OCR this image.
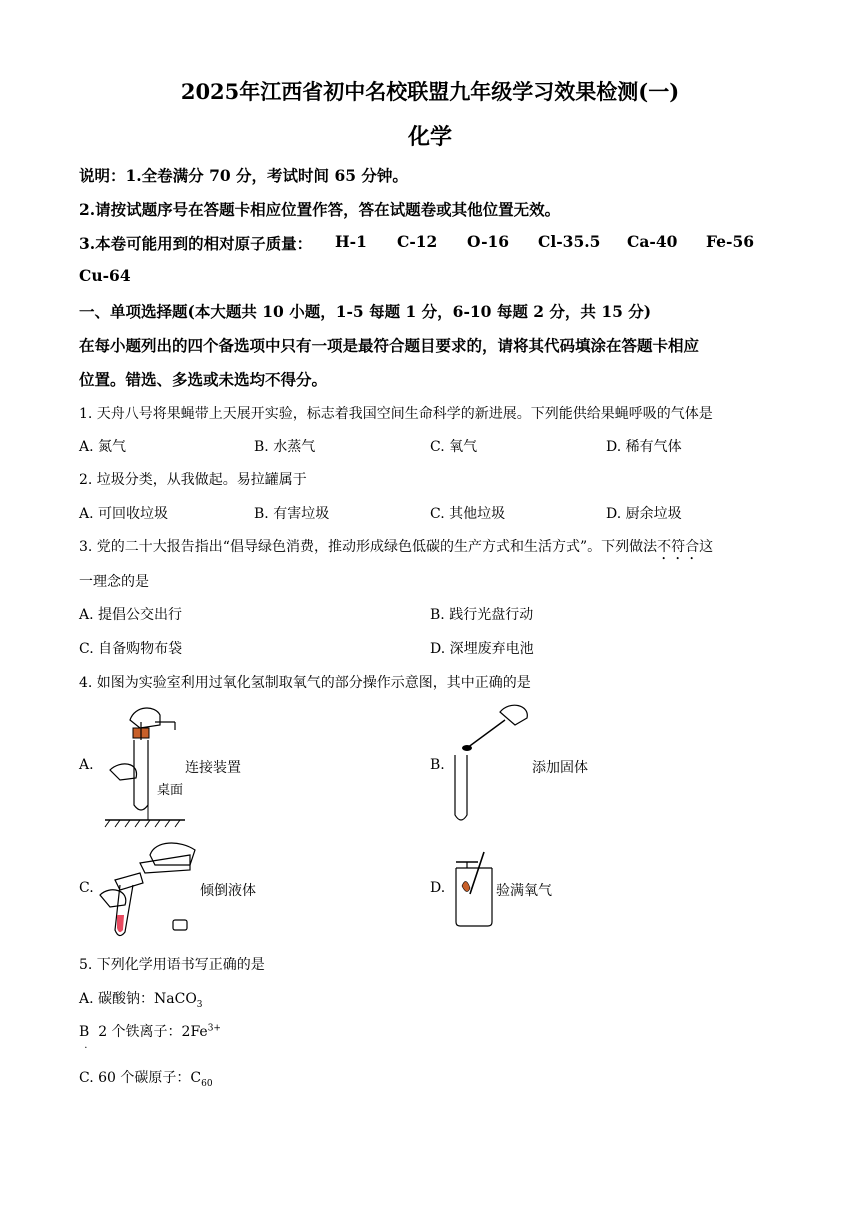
2025年江西省初中名校联盟九年级学习效果检测(一)
化学
说明：1.全卷满分 70 分，考试时间 65 分钟。
2.请按试题序号在答题卡相应位置作答，答在试题卷或其他位置无效。
3.本卷可能用到的相对原子质量： H-1 C-12 O-16 Cl-35.5 Ca-40 Fe-56
Cu-64
一、单项选择题(本大题共 10 小题，1-5 每题 1 分，6-10 每题 2 分，共 15 分)
在每小题列出的四个备选项中只有一项是最符合题目要求的，请将其代码填涂在答题卡相应
位置。错选、多选或未选均不得分。
1. 天舟八号将果蝇带上天展开实验，标志着我国空间生命科学的新进展。下列能供给果蝇呼吸的气体是
A. 氮气	B. 水蒸气	C. 氧气	D. 稀有气体
2. 垃圾分类，从我做起。易拉罐属于
A. 可回收垃圾	B. 有害垃圾	C. 其他垃圾	D. 厨余垃圾
3. 党的二十大报告指出“倡导绿色消费，推动形成绿色低碳的生产方式和生活方式”。下列做法不符合这
一理念的是
A. 提倡公交出行	B. 践行光盘行动
C. 自备购物布袋	D. 深埋废弃电池
4. 如图为实验室利用过氧化氢制取氧气的部分操作示意图，其中正确的是
A.	连接装置
桌面
B.	添加固体
C.	倾倒液体	D.	验满氧气
5. 下列化学用语书写正确的是
A. 碳酸钠：NaCO$_3$
B
.
2 个铁离子：$2Fe^{3+}$
C. 60 个碳原子：$C_{60}$
